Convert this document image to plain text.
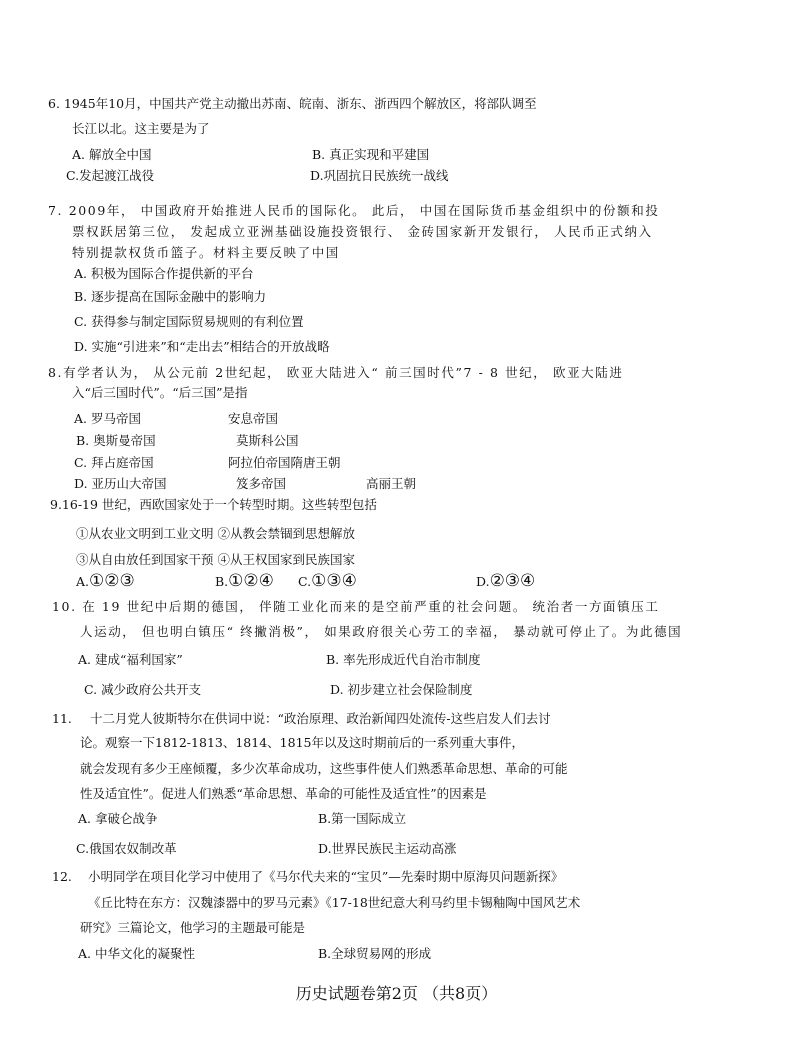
6. 1945年10月，中国共产党主动撤出苏南、皖南、浙东、浙西四个解放区，将部队调至
长江以北。这主要是为了
A. 解放全中国	B. 真正实现和平建国
C.发起渡江战役	D.巩固抗日民族统一战线
7. 2009年， 中国政府开始推进人民币的国际化。 此后， 中国在国际货币基金组织中的份额和投
票权跃居第三位， 发起成立亚洲基础设施投资银行、 金砖国家新开发银行， 人民币正式纳入
特别提款权货币篮子。材料主要反映了中国
A. 积极为国际合作提供新的平台
B. 逐步提高在国际金融中的影响力
C. 获得参与制定国际贸易规则的有利位置
D. 实施“引进来”和“走出去”相结合的开放战略
8.有学者认为， 从公元前 2世纪起， 欧亚大陆进入“ 前三国时代”7 - 8 世纪， 欧亚大陆进
入“后三国时代”。“后三国”是指
A. 罗马帝国	安息帝国
B. 奥斯曼帝国	莫斯科公国
C. 拜占庭帝国	阿拉伯帝国隋唐王朝
D. 亚历山大帝国	笈多帝国	高丽王朝
9.16-19 世纪，西欧国家处于一个转型时期。这些转型包括
①从农业文明到工业文明 ②从教会禁锢到思想解放
③从自由放任到国家干预 ④从王权国家到民族国家
A.①②③	B.①②④ C.①③④	D.②③④
10. 在 19 世纪中后期的德国， 伴随工业化而来的是空前严重的社会问题。 统治者一方面镇压工
人运动， 但也明白镇压“ 终撇消极”， 如果政府很关心劳工的幸福， 暴动就可停止了。为此德国
A. 建成“福利国家”	B. 率先形成近代自治市制度
C. 减少政府公共开支	D. 初步建立社会保险制度
11. 十二月党人彼斯特尔在供词中说：“政治原理、政治新闻四处流传-这些启发人们去讨
论。观察一下1812-1813、1814、1815年以及这时期前后的一系列重大事件，
就会发现有多少王座倾覆，多少次革命成功，这些事件使人们熟悉革命思想、革命的可能
性及适宜性”。促进人们熟悉“革命思想、革命的可能性及适宜性”的因素是
A. 拿破仑战争	B.第一国际成立
C.俄国农奴制改革	D.世界民族民主运动高涨
12. 小明同学在项目化学习中使用了《马尔代夫来的“宝贝”—先秦时期中原海贝问题新探》
《丘比特在东方：汉魏漆器中的罗马元素》《17-18世纪意大利马约里卡锡釉陶中国风艺术
研究》三篇论文，他学习的主题最可能是
A. 中华文化的凝聚性	B.全球贸易网的形成
历史试题卷第2页 （共8页）
